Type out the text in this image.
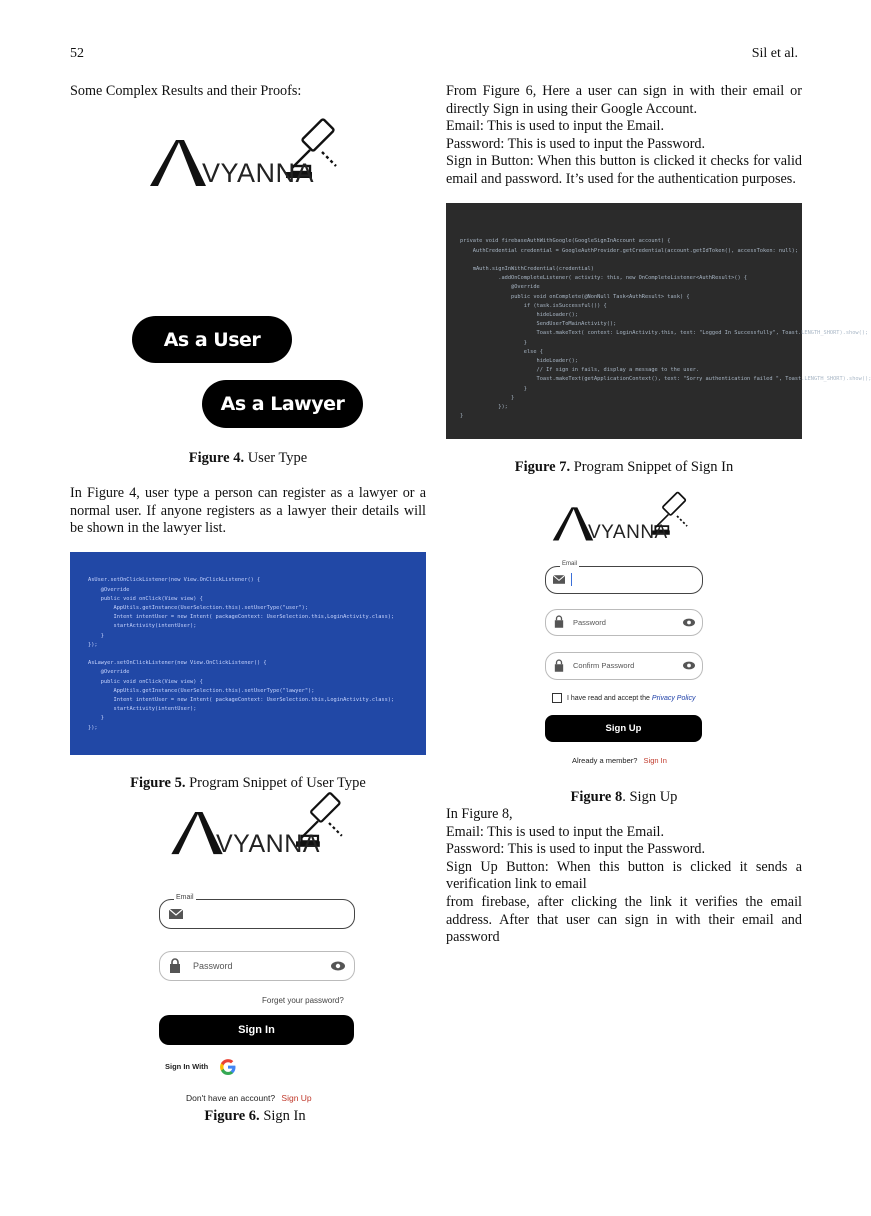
52	Sil et al.
Some Complex Results and their Proofs:
VYANNA
As a User
As a Lawyer
Figure 4. User Type
In Figure 4, user type a person can register as a lawyer or a normal user. If anyone registers as a lawyer their details will be shown in the lawyer list.

AsUser.setOnClickListener(new View.OnClickListener() {
@Override
public void onClick(View view) {
AppUtils.getInstance(UserSelection.this).setUserType("user");
Intent intentUser = new Intent( packageContext: UserSelection.this,LoginActivity.class);
startActivity(intentUser);
}
});

AsLawyer.setOnClickListener(new View.OnClickListener() {
@Override
public void onClick(View view) {
AppUtils.getInstance(UserSelection.this).setUserType("lawyer");
Intent intentUser = new Intent( packageContext: UserSelection.this,LoginActivity.class);
startActivity(intentUser);
}
});

Figure 5. Program Snippet of User Type
VYANNA
Email
Password
Forget your password?
Sign In
Sign In With
Don't have an account? Sign Up
Figure 6. Sign In
From Figure 6, Here a user can sign in with their email or directly Sign in using their Google Account.
Email: This is used to input the Email.
Password: This is used to input the Password.
Sign in Button: When this button is clicked it checks for valid email and password. It’s used for the authentication purposes.

private void firebaseAuthWithGoogle(GoogleSignInAccount account) {
AuthCredential credential = GoogleAuthProvider.getCredential(account.getIdToken(), accessToken: null);

mAuth.signInWithCredential(credential)
.addOnCompleteListener( activity: this, new OnCompleteListener<AuthResult>() {
@Override
public void onComplete(@NonNull Task<AuthResult> task) {
if (task.isSuccessful()) {
hideLoader();
SendUserToMainActivity();
Toast.makeText( context: LoginActivity.this, text: "Logged In Successfully", Toast.LENGTH_SHORT).show();
}
else {
hideLoader();
// If sign in fails, display a message to the user.
Toast.makeText(getApplicationContext(), text: "Sorry authentication failed ", Toast.LENGTH_SHORT).show();
}
}
});
}

Figure 7. Program Snippet of Sign In
VYANNA
Email
Password
Confirm Password
I have read and accept the Privacy Policy
Sign Up
Already a member? Sign In
Figure 8. Sign Up
In Figure 8,
Email: This is used to input the Email.
Password: This is used to input the Password.
Sign Up Button: When this button is clicked it sends a verification link to email
from firebase, after clicking the link it verifies the email address. After that user can sign in with their email and password
